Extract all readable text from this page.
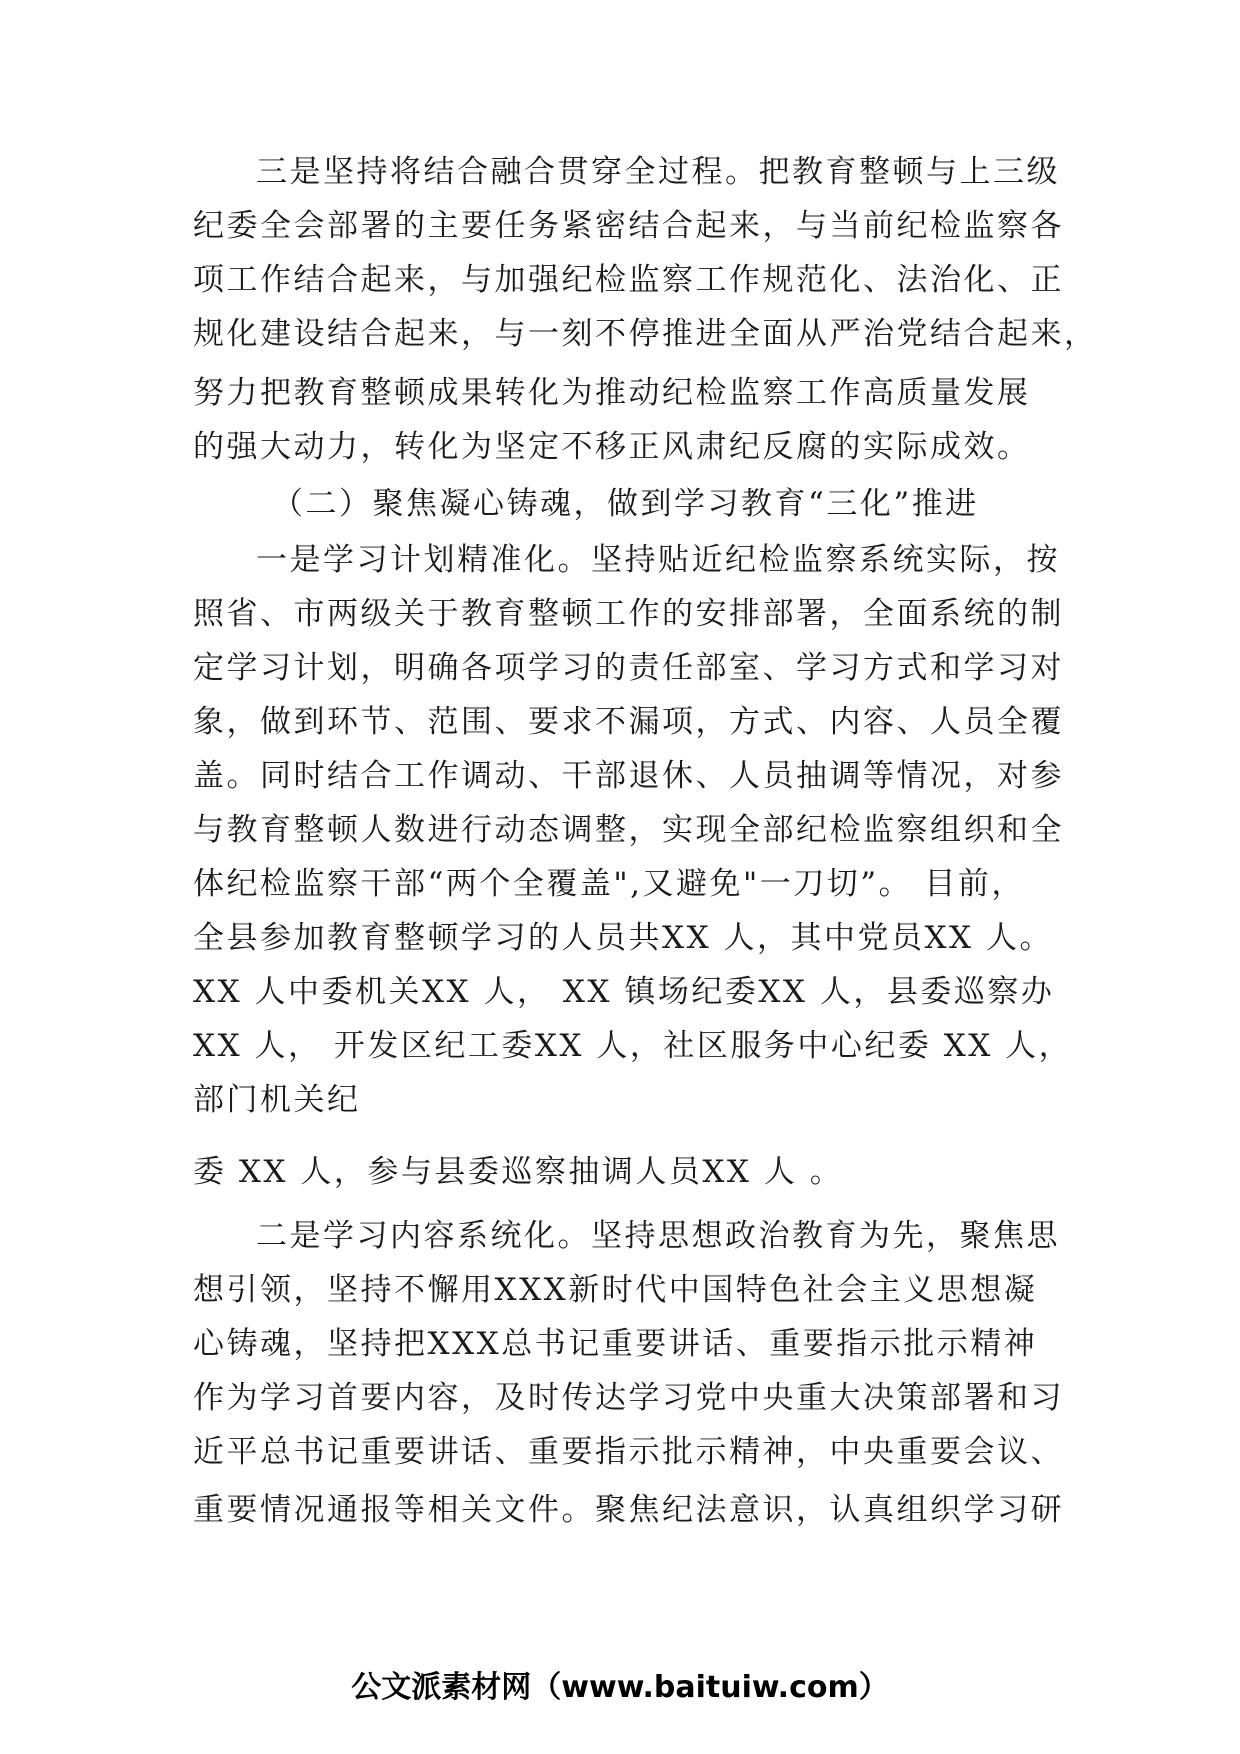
三是坚持将结合融合贯穿全过程。把教育整顿与上三级
纪委全会部署的主要任务紧密结合起来，与当前纪检监察各
项工作结合起来，与加强纪检监察工作规范化、法治化、正
规化建设结合起来，与一刻不停推进全面从严治党结合起来，
努力把教育整顿成果转化为推动纪检监察工作高质量发展
的强大动力，转化为坚定不移正风肃纪反腐的实际成效。
（二）聚焦凝心铸魂，做到学习教育“三化”推进
一是学习计划精准化。坚持贴近纪检监察系统实际，按
照省、市两级关于教育整顿工作的安排部署，全面系统的制
定学习计划，明确各项学习的责任部室、学习方式和学习对
象，做到环节、范围、要求不漏项，方式、内容、人员全覆
盖。同时结合工作调动、干部退休、人员抽调等情况，对参
与教育整顿人数进行动态调整，实现全部纪检监察组织和全
体纪检监察干部“两个全覆盖",又避免"一刀切”。 目前，
全县参加教育整顿学习的人员共XX 人，其中党员XX 人。
XX 人中委机关XX 人， XX 镇场纪委XX 人，县委巡察办
XX 人， 开发区纪工委XX 人，社区服务中心纪委 XX 人，
部门机关纪
委 XX 人，参与县委巡察抽调人员XX 人 。
二是学习内容系统化。坚持思想政治教育为先，聚焦思
想引领，坚持不懈用XXX新时代中国特色社会主义思想凝
心铸魂，坚持把XXX总书记重要讲话、重要指示批示精神
作为学习首要内容，及时传达学习党中央重大决策部署和习
近平总书记重要讲话、重要指示批示精神，中央重要会议、
重要情况通报等相关文件。聚焦纪法意识，认真组织学习研
公文派素材网（www.baituiw.com）
